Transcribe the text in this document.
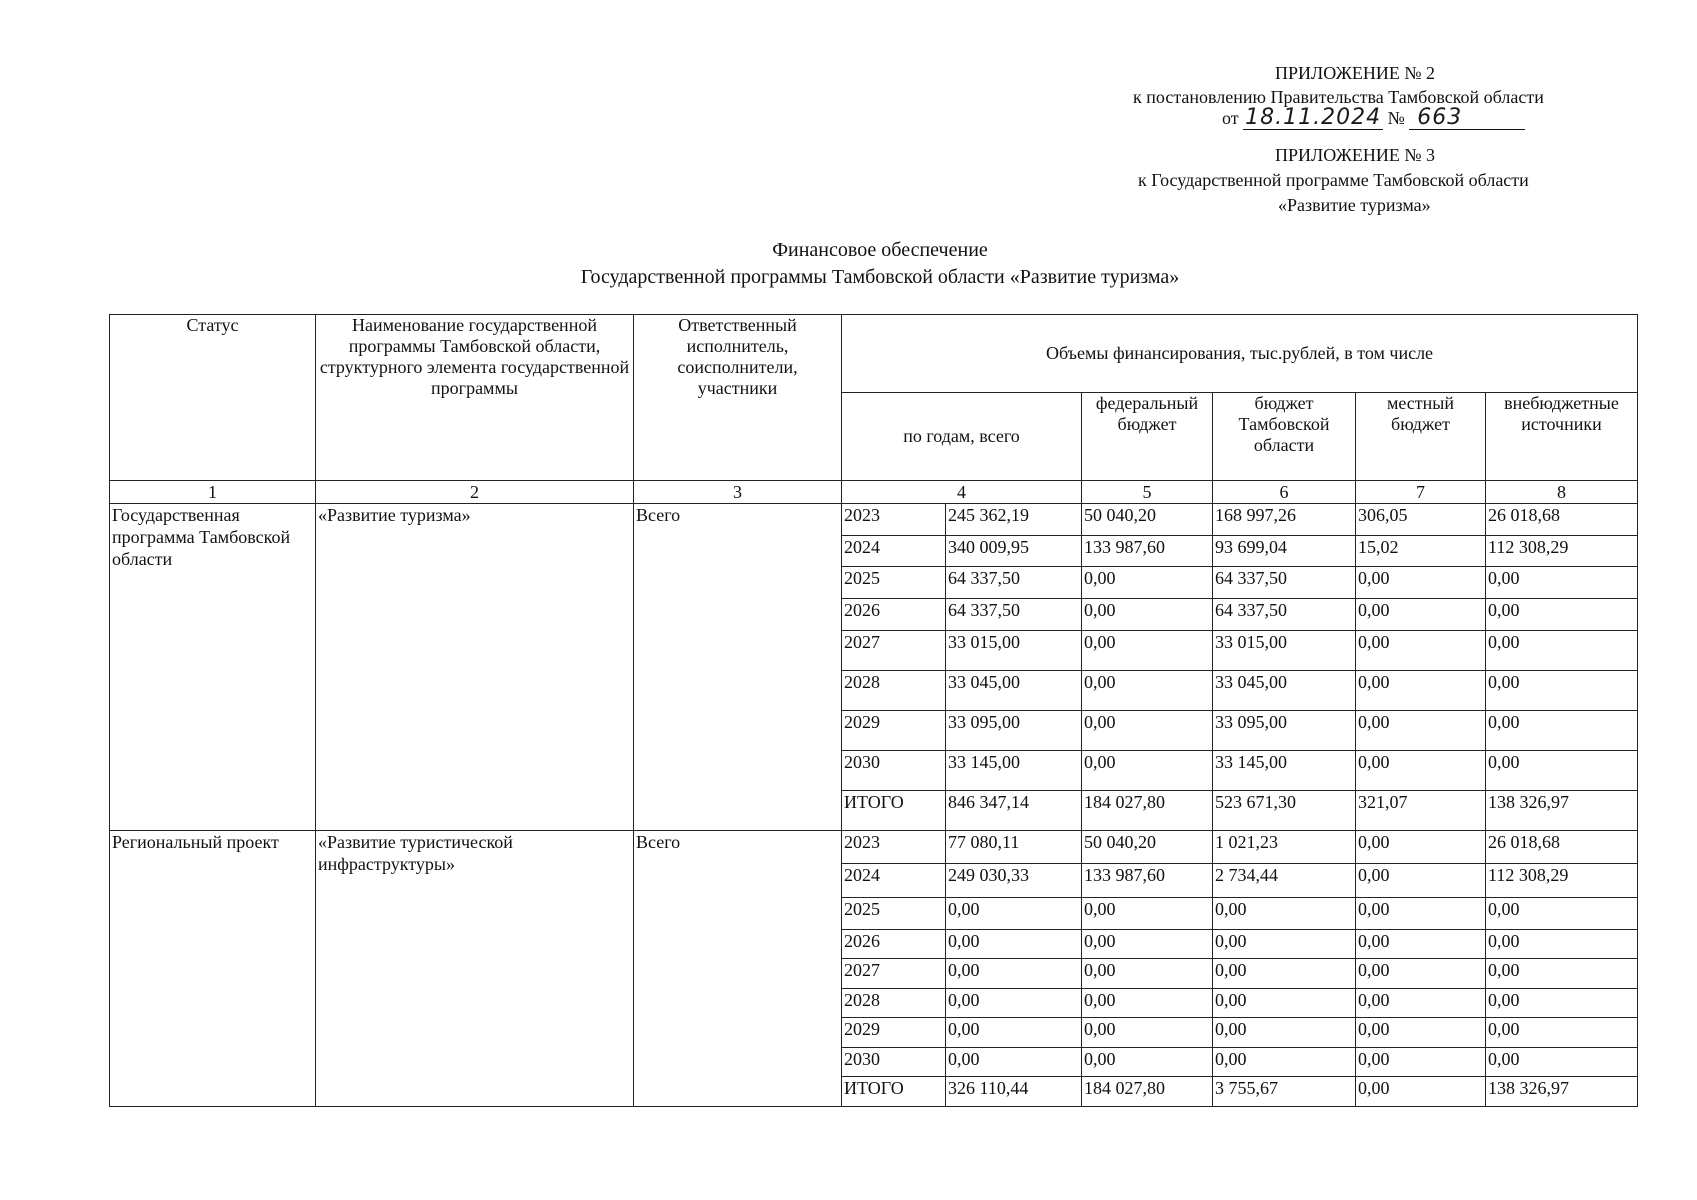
ПРИЛОЖЕНИЕ № 2
к постановлению Правительства Тамбовской области
от 18.11.2024 № 663
ПРИЛОЖЕНИЕ № 3
к Государственной программе Тамбовской области
«Развитие туризма»
Финансовое обеспечение
Государственной программы Тамбовской области «Развитие туризма»
Статус	Наименование государственной программы Тамбовской области, структурного элемента государственной программы	Ответственный исполнитель, соисполнители, участники	Объемы финансирования, тыс.рублей, в том числе					
			по годам, всего		федеральный бюджет	бюджет Тамбовской области	местный бюджет	внебюджетные источники
1	2	3	4		5	6	7	8
Государственная программа Тамбовской области	«Развитие туризма»	Всего	2023	245 362,19	50 040,20	168 997,26	306,05	26 018,68
			2024	340 009,95	133 987,60	93 699,04	15,02	112 308,29
			2025	64 337,50	0,00	64 337,50	0,00	0,00
			2026	64 337,50	0,00	64 337,50	0,00	0,00
			2027	33 015,00	0,00	33 015,00	0,00	0,00
			2028	33 045,00	0,00	33 045,00	0,00	0,00
			2029	33 095,00	0,00	33 095,00	0,00	0,00
			2030	33 145,00	0,00	33 145,00	0,00	0,00
			ИТОГО	846 347,14	184 027,80	523 671,30	321,07	138 326,97
Региональный проект	«Развитие туристической инфраструктуры»	Всего	2023	77 080,11	50 040,20	1 021,23	0,00	26 018,68
			2024	249 030,33	133 987,60	2 734,44	0,00	112 308,29
			2025	0,00	0,00	0,00	0,00	0,00
			2026	0,00	0,00	0,00	0,00	0,00
			2027	0,00	0,00	0,00	0,00	0,00
			2028	0,00	0,00	0,00	0,00	0,00
			2029	0,00	0,00	0,00	0,00	0,00
			2030	0,00	0,00	0,00	0,00	0,00
			ИТОГО	326 110,44	184 027,80	3 755,67	0,00	138 326,97
